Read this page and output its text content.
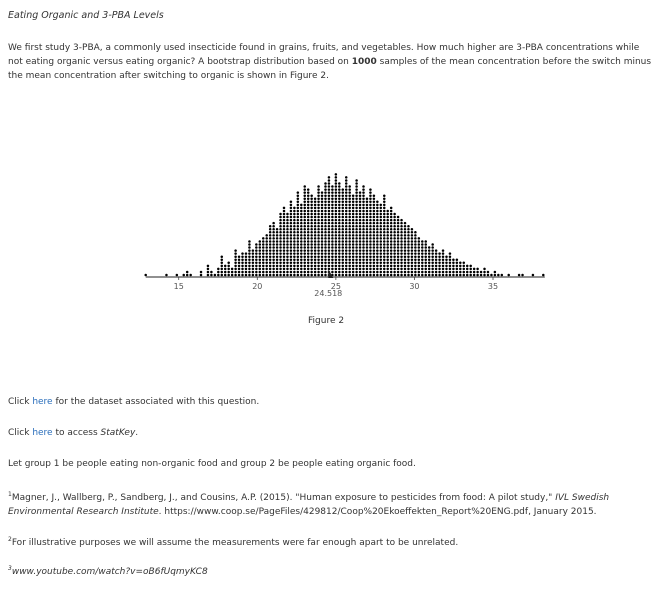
Eating Organic and 3-PBA Levels
We first study 3-PBA, a commonly used insecticide found in grains, fruits, and vegetables. How much higher are 3-PBA concentrations while not eating organic versus eating organic? A bootstrap distribution based on 1000 samples of the mean concentration before the switch minus the mean concentration after switching to organic is shown in Figure 2.
15	20	25	30	35
24.518
Figure 2
Click here for the dataset associated with this question.
Click here to access StatKey.
Let group 1 be people eating non-organic food and group 2 be people eating organic food.
$^1$Magner, J., Wallberg, P., Sandberg, J., and Cousins, A.P. (2015). "Human exposure to pesticides from food: A pilot study," IVL Swedish Environmental Research Institute. https://www.coop.se/PageFiles/429812/Coop%20Ekoeffekten_Report%20ENG.pdf, January 2015.
$^2$For illustrative purposes we will assume the measurements were far enough apart to be unrelated.
$^3$www.youtube.com/watch?v=oB6fUqmyKC8
